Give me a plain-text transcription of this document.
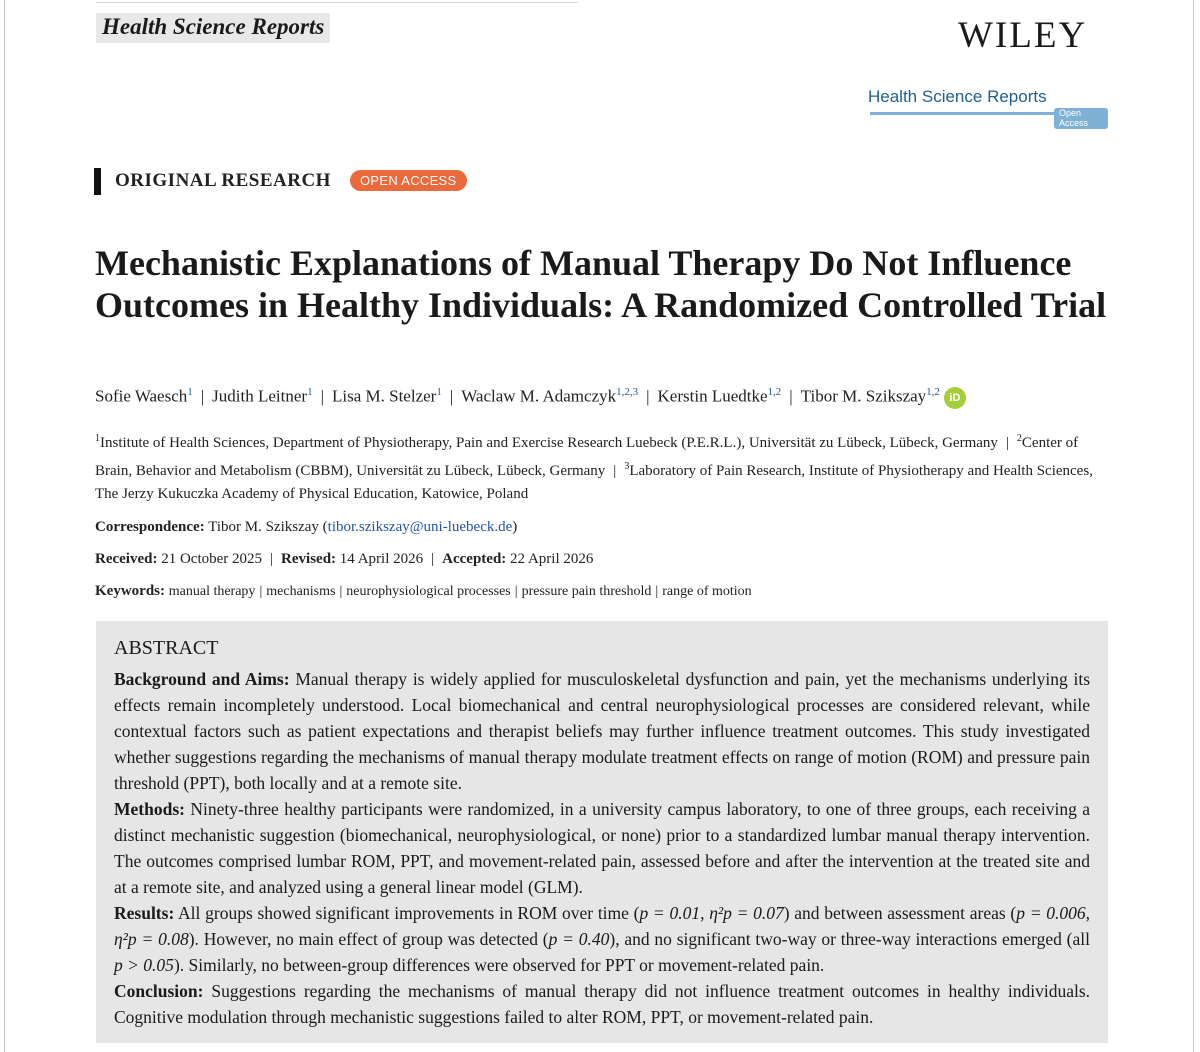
Health Science Reports	WILEY
Health Science Reports
Open Access
ORIGINAL RESEARCH	OPEN ACCESS
Mechanistic Explanations of Manual Therapy Do Not Influence Outcomes in Healthy Individuals: A Randomized Controlled Trial
Sofie Waesch$^1$ | Judith Leitner$^1$ | Lisa M. Stelzer$^1$ | Waclaw M. Adamczyk$^{1,2,3}$ | Kerstin Luedtke$^{1,2}$ | Tibor M. Szikszay$^{1,2}$ iD

$^1$Institute of Health Sciences, Department of Physiotherapy, Pain and Exercise Research Luebeck (P.E.R.L.), Universität zu Lübeck, Lübeck, Germany | $^2$Center of Brain, Behavior and Metabolism (CBBM), Universität zu Lübeck, Lübeck, Germany | $^3$Laboratory of Pain Research, Institute of Physiotherapy and Health Sciences, The Jerzy Kukuczka Academy of Physical Education, Katowice, Poland

Correspondence: Tibor M. Szikszay (tibor.szikszay@uni-luebeck.de)
Received: 21 October 2025 | Revised: 14 April 2026 | Accepted: 22 April 2026
Keywords: manual therapy | mechanisms | neurophysiological processes | pressure pain threshold | range of motion
ABSTRACT

Background and Aims: Manual therapy is widely applied for musculoskeletal dysfunction and pain, yet the mechanisms underlying its effects remain incompletely understood. Local biomechanical and central neurophysiological processes are considered relevant, while contextual factors such as patient expectations and therapist beliefs may further influence treatment outcomes. This study investigated whether suggestions regarding the mechanisms of manual therapy modulate treatment effects on range of motion (ROM) and pressure pain threshold (PPT), both locally and at a remote site.

Methods: Ninety-three healthy participants were randomized, in a university campus laboratory, to one of three groups, each receiving a distinct mechanistic suggestion (biomechanical, neurophysiological, or none) prior to a standardized lumbar manual therapy intervention. The outcomes comprised lumbar ROM, PPT, and movement-related pain, assessed before and after the intervention at the treated site and at a remote site, and analyzed using a general linear model (GLM).

Results: All groups showed significant improvements in ROM over time (p = 0.01, η²p = 0.07) and between assessment areas (p = 0.006, η²p = 0.08). However, no main effect of group was detected (p = 0.40), and no significant two-way or three-way interactions emerged (all p > 0.05). Similarly, no between-group differences were observed for PPT or movement-related pain.

Conclusion: Suggestions regarding the mechanisms of manual therapy did not influence treatment outcomes in healthy individuals. Cognitive modulation through mechanistic suggestions failed to alter ROM, PPT, or movement-related pain.
